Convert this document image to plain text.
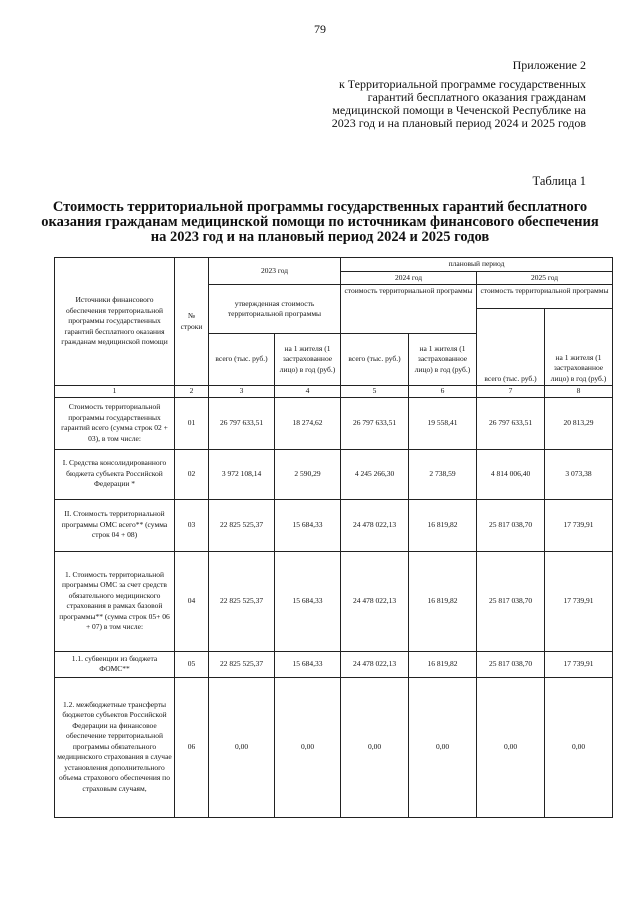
79
Приложение 2
к Территориальной программе государственных гарантий бесплатного оказания гражданам медицинской помощи в Чеченской Республике на 2023 год и на плановый период 2024 и 2025 годов
Таблица 1
Стоимость территориальной программы государственных гарантий бесплатного оказания гражданам медицинской помощи по источникам финансового обеспечения на 2023 год и на плановый период 2024 и 2025 годов
Источники финансового обеспечения территориальной программы государственных гарантий бесплатного оказания гражданам медицинской помощи	№ строки	2023 год		плановый период			
				2024 год		2025 год	
		утвержденная стоимость территориальной программы		стоимость территориальной программы		стоимость территориальной программы	
						всего (тыс. руб.)	на 1 жителя (1 застрахованное лицо) в год (руб.)
		всего (тыс. руб.)	на 1 жителя (1 застрахованное лицо) в год (руб.)	всего (тыс. руб.)	на 1 жителя (1 застрахованное лицо) в год (руб.)		
1	2	3	4	5	6	7	8
Стоимость территориальной программы государственных гарантий всего (сумма строк 02 + 03), в том числе:	01	26 797 633,51	18 274,62	26 797 633,51	19 558,41	26 797 633,51	20 813,29
I. Средства консолидированного бюджета субъекта Российской Федерации *	02	3 972 108,14	2 590,29	4 245 266,30	2 738,59	4 814 006,40	3 073,38
II. Стоимость территориальной программы ОМС всего** (сумма строк 04 + 08)	03	22 825 525,37	15 684,33	24 478 022,13	16 819,82	25 817 038,70	17 739,91
1. Стоимость территориальной программы ОМС за счет средств обязательного медицинского страхования в рамках базовой программы** (сумма строк 05+ 06 + 07) в том числе:	04	22 825 525,37	15 684,33	24 478 022,13	16 819,82	25 817 038,70	17 739,91
1.1. субвенции из бюджета ФОМС**	05	22 825 525,37	15 684,33	24 478 022,13	16 819,82	25 817 038,70	17 739,91
1.2. межбюджетные трансферты бюджетов субъектов Российской Федерации на финансовое обеспечение территориальной программы обязательного медицинского страхования в случае установления дополнительного объема страхового обеспечения по страховым случаям,	06	0,00	0,00	0,00	0,00	0,00	0,00
